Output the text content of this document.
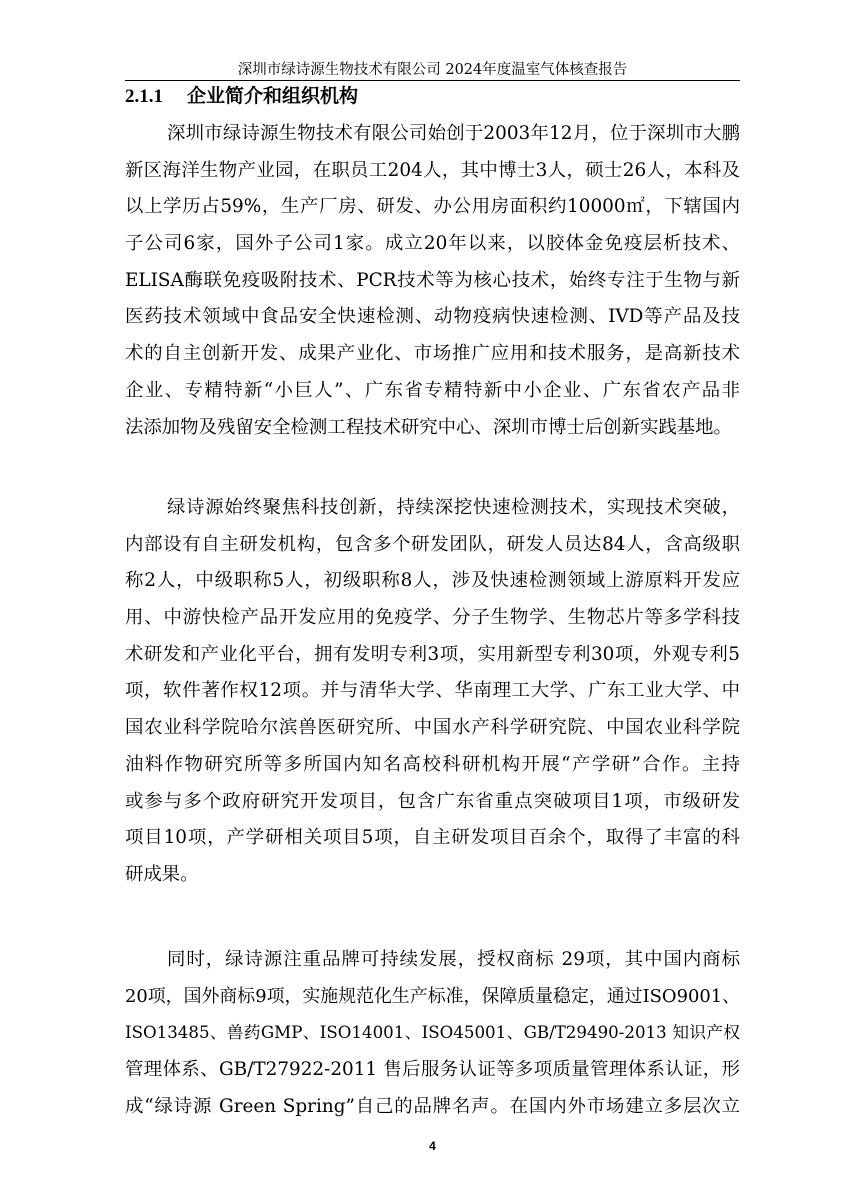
深圳市绿诗源生物技术有限公司 2024年度温室气体核查报告
2.1.1 企业简介和组织机构
深圳市绿诗源生物技术有限公司始创于2003年12月，位于深圳市大鹏
新区海洋生物产业园，在职员工204人，其中博士3人，硕士26人，本科及
以上学历占59%，生产厂房、研发、办公用房面积约10000㎡，下辖国内
子公司6家，国外子公司1家。成立20年以来，以胶体金免疫层析技术、
ELISA酶联免疫吸附技术、PCR技术等为核心技术，始终专注于生物与新
医药技术领域中食品安全快速检测、动物疫病快速检测、IVD等产品及技
术的自主创新开发、成果产业化、市场推广应用和技术服务，是高新技术
企业、专精特新“小巨人”、广东省专精特新中小企业、广东省农产品非
法添加物及残留安全检测工程技术研究中心、深圳市博士后创新实践基地。
绿诗源始终聚焦科技创新，持续深挖快速检测技术，实现技术突破，
内部设有自主研发机构，包含多个研发团队，研发人员达84人，含高级职
称2人，中级职称5人，初级职称8人，涉及快速检测领域上游原料开发应
用、中游快检产品开发应用的免疫学、分子生物学、生物芯片等多学科技
术研发和产业化平台，拥有发明专利3项，实用新型专利30项，外观专利5
项，软件著作权12项。并与清华大学、华南理工大学、广东工业大学、中
国农业科学院哈尔滨兽医研究所、中国水产科学研究院、中国农业科学院
油料作物研究所等多所国内知名高校科研机构开展“产学研”合作。主持
或参与多个政府研究开发项目，包含广东省重点突破项目1项，市级研发
项目10项，产学研相关项目5项，自主研发项目百余个，取得了丰富的科
研成果。
同时，绿诗源注重品牌可持续发展，授权商标 29项，其中国内商标
20项，国外商标9项，实施规范化生产标准，保障质量稳定，通过ISO9001、
ISO13485、兽药GMP、ISO14001、ISO45001、GB/T29490-2013 知识产权
管理体系、GB/T27922-2011 售后服务认证等多项质量管理体系认证，形
成“绿诗源 Green Spring”自己的品牌名声。在国内外市场建立多层次立
4
